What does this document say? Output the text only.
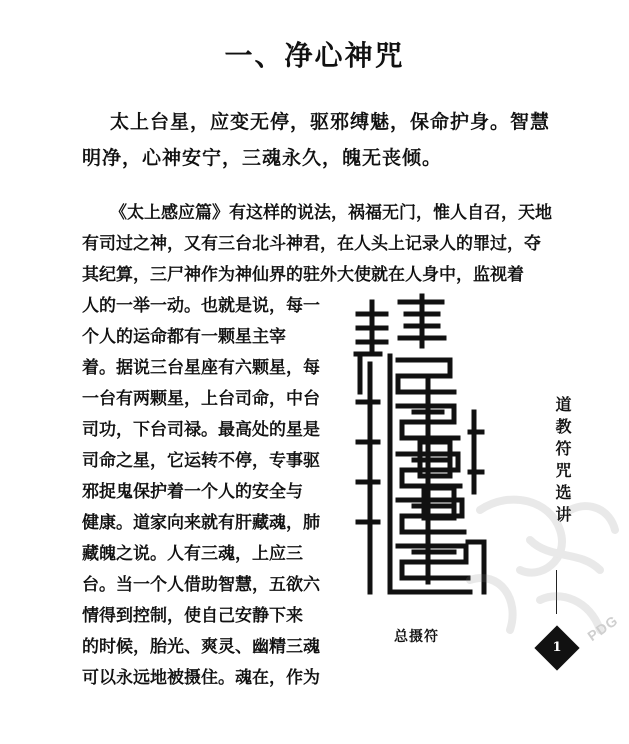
一、净心神咒
太上台星，应变无停，驱邪缚魅，保命护身。智慧
明净，心神安宁，三魂永久，魄无丧倾。
《太上感应篇》有这样的说法，祸福无门，惟人自召，天地
有司过之神，又有三台北斗神君，在人头上记录人的罪过，夺
其纪算，三尸神作为神仙界的驻外大使就在人身中，监视着
人的一举一动。也就是说，每一
个人的运命都有一颗星主宰
着。据说三台星座有六颗星，每
一台有两颗星，上台司命，中台
司功，下台司禄。最高处的星是
司命之星，它运转不停，专事驱
邪捉鬼保护着一个人的安全与
健康。道家向来就有肝藏魂，肺
藏魄之说。人有三魂，上应三
台。当一个人借助智慧，五欲六
情得到控制，使自己安静下来
的时候，胎光、爽灵、幽精三魂
可以永远地被摄住。魂在，作为
总摄符
道教符咒选讲
1
PDG
